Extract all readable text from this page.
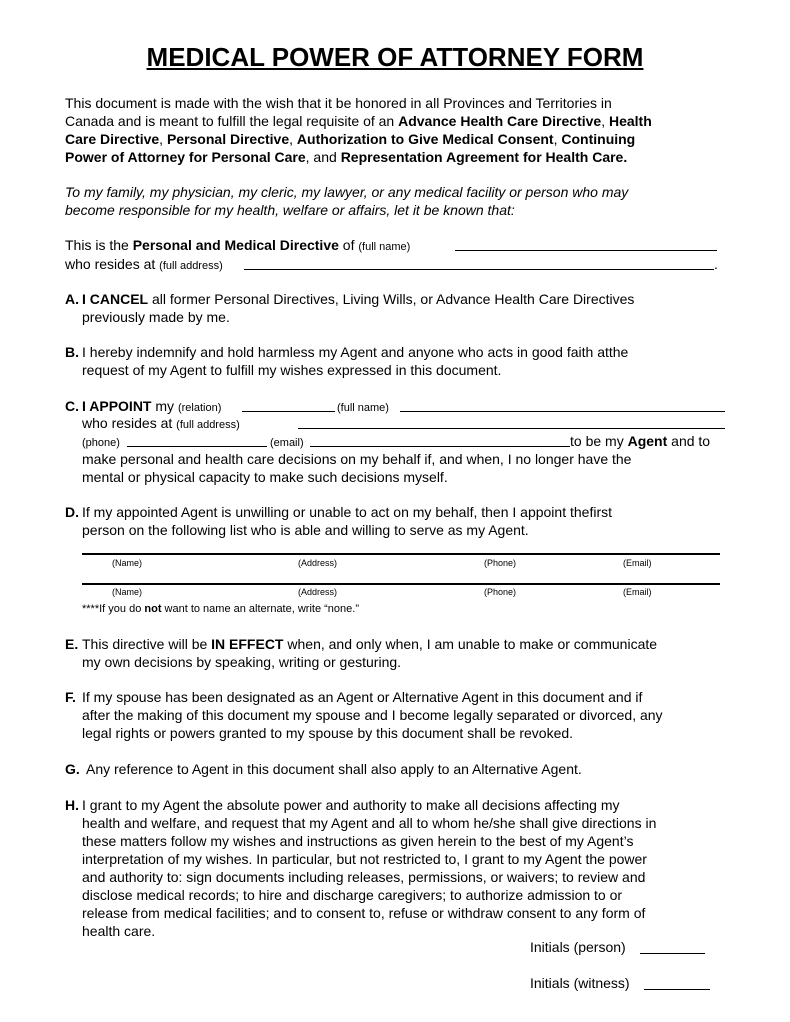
MEDICAL POWER OF ATTORNEY FORM
This document is made with the wish that it be honored in all Provinces and Territories in
Canada and is meant to fulfill the legal requisite of an Advance Health Care Directive, Health
Care Directive, Personal Directive, Authorization to Give Medical Consent, Continuing
Power of Attorney for Personal Care, and Representation Agreement for Health Care.
To my family, my physician, my cleric, my lawyer, or any medical facility or person who may
become responsible for my health, welfare or affairs, let it be known that:
This is the Personal and Medical Directive of (full name)
who resides at (full address)	.
A. I CANCEL all former Personal Directives, Living Wills, or Advance Health Care Directives
previously made by me.
B. I hereby indemnify and hold harmless my Agent and anyone who acts in good faith atthe
request of my Agent to fulfill my wishes expressed in this document.
C. I APPOINT my (relation)	(full name)
who resides at (full address)
(phone)	(email)	to be my Agent and to
make personal and health care decisions on my behalf if, and when, I no longer have the
mental or physical capacity to make such decisions myself.
D. If my appointed Agent is unwilling or unable to act on my behalf, then I appoint thefirst
person on the following list who is able and willing to serve as my Agent.
(Name)	(Address)	(Phone)	(Email)
(Name)	(Address)	(Phone)	(Email)
****If you do not want to name an alternate, write “none.”
E. This directive will be IN EFFECT when, and only when, I am unable to make or communicate
my own decisions by speaking, writing or gesturing.
F. If my spouse has been designated as an Agent or Alternative Agent in this document and if
after the making of this document my spouse and I become legally separated or divorced, any
legal rights or powers granted to my spouse by this document shall be revoked.
G. Any reference to Agent in this document shall also apply to an Alternative Agent.
H. I grant to my Agent the absolute power and authority to make all decisions affecting my
health and welfare, and request that my Agent and all to whom he/she shall give directions in
these matters follow my wishes and instructions as given herein to the best of my Agent’s
interpretation of my wishes. In particular, but not restricted to, I grant to my Agent the power
and authority to: sign documents including releases, permissions, or waivers; to review and
disclose medical records; to hire and discharge caregivers; to authorize admission to or
release from medical facilities; and to consent to, refuse or withdraw consent to any form of
health care.
Initials (person)
Initials (witness)
